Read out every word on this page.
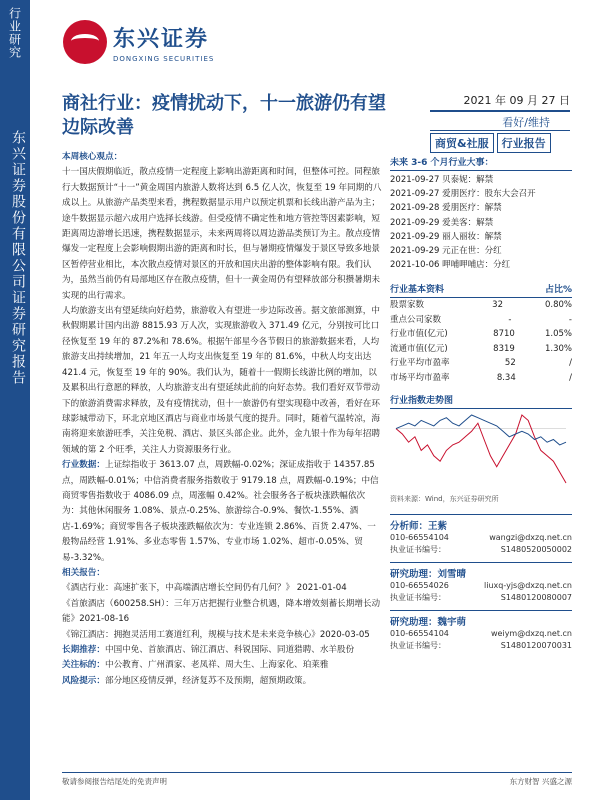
行业研究
东兴证券股份有限公司证券研究报告
东兴证券
DONGXING SECURITIES
商社行业：疫情扰动下，十一旅游仍有望边际改善
2021 年 09 月 27 日
看好/维持
商贸&社服	行业报告

本周核心观点：

十一国庆假期临近，散点疫情一定程度上影响出游距离和时间，但整体可控。同程旅行大数据预计“十一”黄金周国内旅游人数将达到 6.5 亿人次，恢复至 19 年同期的八成以上。从旅游产品类型来看，携程数据显示用户以预定机票和长线出游产品为主；途牛数据显示超六成用户选择长线游。但受疫情不确定性和地方管控等因素影响，短距离周边游增长迅速，携程数据显示，未来两周将以周边游品类预订为主。散点疫情爆发一定程度上会影响假期出游的距离和时长，但与暑期疫情爆发于景区导致多地景区暂停营业相比，本次散点疫情对景区的开放和国庆出游的整体影响有限。我们认为，虽然当前仍有局部地区存在散点疫情，但十一黄金周仍有望释放部分积攒暑期未实现的出行需求。

人均旅游支出有望延续向好趋势，旅游收入有望进一步边际改善。据文旅部测算，中秋假期累计国内出游 8815.93 万人次，实现旅游收入 371.49 亿元，分别按可比口径恢复至 19 年的 87.2%和 78.6%。根据午部星今各节假日的旅游数据来看，人均旅游支出持续增加，21 年五一人均支出恢复至 19 年的 81.6%，中秋人均支出达 421.4 元，恢复至 19 年的 90%。我们认为，随着十一假期长线游比例的增加，以及累积出行意愿的释放，人均旅游支出有望延续此前的向好态势。我们看好双节带动下的旅游消费需求释放，及有疫情扰动，但十一旅游仍有望实现稳中改善，看好在环球影城带动下，环北京地区酒店与商业市场景气度的提升。同时，随着气温转凉，海南将迎来旅游旺季，关注免税、酒店、景区头部企业。此外，金九银十作为每年招聘领域的第 2 个旺季，关注人力资源服务行业。

行业数据：上证综指收于 3613.07 点，周跌幅-0.02%；深证成指收于 14357.85 点，周跌幅-0.01%；中信消费者服务指数收于 9179.18 点，周跌幅-0.19%；中信商贸零售指数收于 4086.09 点，周涨幅 0.42%。社会服务各子板块涨跌幅依次为：其他休闲服务 1.08%、景点-0.25%、旅游综合-0.9%、餐饮-1.55%、酒店-1.69%；商贸零售各子板块涨跌幅依次为：专业连锁 2.86%、百货 2.47%、一般物品经营 1.91%、多业态零售 1.57%、专业市场 1.02%、超市-0.05%、贸易-3.32%。

相关报告：

《酒店行业：高速扩张下，中高端酒店增长空间仍有几何？》 2021-01-04

《首旅酒店（600258.SH）：三年万店把握行业整合机遇，降本增效刻蓄长期增长动能》2021-08-16

《锦江酒店：拥抱灵活用工赛道红利，规模与技术是未来竞争核心》2020-03-05

长期推荐：中国中免、首旅酒店、锦江酒店、科锐国际、同道猎聘、水羊股份

关注标的：中公教育、广州酒家、老凤祥、周大生、上海家化、珀莱雅

风险提示：部分地区疫情反弹，经济复苏不及预期，超预期政策。

未来 3-6 个月行业大事：
2021-09-27 贝泰妮：解禁
2021-09-27 爱朋医疗：股东大会召开
2021-09-28 爱朋医疗：解禁
2021-09-29 爱美客：解禁
2021-09-29 丽人丽妆：解禁
2021-09-29 元正在世：分红
2021-10-06 呷哺呷哺店：分红
行业基本资料	占比%
股票家数	32	0.80%
重点公司家数	-	-
行业市值(亿元)	8710	1.05%
流通市值(亿元)	8319	1.30%
行业平均市盈率	52	/
市场平均市盈率	8.34	/
行业指数走势图
资料来源：Wind，东兴证券研究所
分析师：王紫
010-66554104	wangzi@dxzq.net.cn
执业证书编号：	S1480520050002
研究助理：刘雪晴
010-66554026	liuxq-yjs@dxzq.net.cn
执业证书编号：	S1480120080007
研究助理：魏宇萌
010-66554104	weiym@dxzq.net.cn
执业证书编号：	S1480120070031
敬请参阅报告结尾处的免责声明	东方财智 兴盛之源
